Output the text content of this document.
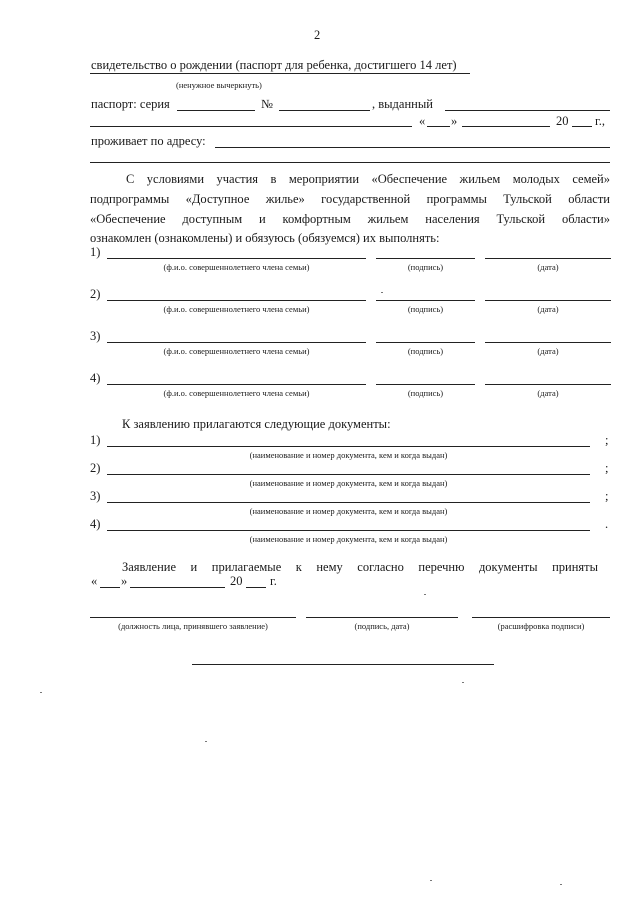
2
свидетельство о рождении (паспорт для ребенка, достигшего 14 лет)
(ненужное вычеркнуть)
паспорт: серия	№	, выданный
« »	20 г.,
проживает по адресу:
С условиями участия в мероприятии «Обеспечение жильем молодых семей»
подпрограммы «Доступное жилье» государственной программы Тульской области
«Обеспечение доступным и комфортным жильем населения Тульской области»
ознакомлен (ознакомлены) и обязуюсь (обязуемся) их выполнять:
1)
(ф.и.о. совершеннолетнего члена семьи)	(подпись)	(дата)
2)
(ф.и.о. совершеннолетнего члена семьи)	(подпись)	(дата)
3)
(ф.и.о. совершеннолетнего члена семьи)	(подпись)	(дата)
4)
(ф.и.о. совершеннолетнего члена семьи)	(подпись)	(дата)
К заявлению прилагаются следующие документы:
1)	;
(наименование и номер документа, кем и когда выдан)
2)	;
(наименование и номер документа, кем и когда выдан)
3)	;
(наименование и номер документа, кем и когда выдан)
4)	.
(наименование и номер документа, кем и когда выдан)
Заявление и прилагаемые к нему согласно перечню документы приняты
« »	20 г.
(должность лица, принявшего заявление)	(подпись, дата)	(расшифровка подписи)
